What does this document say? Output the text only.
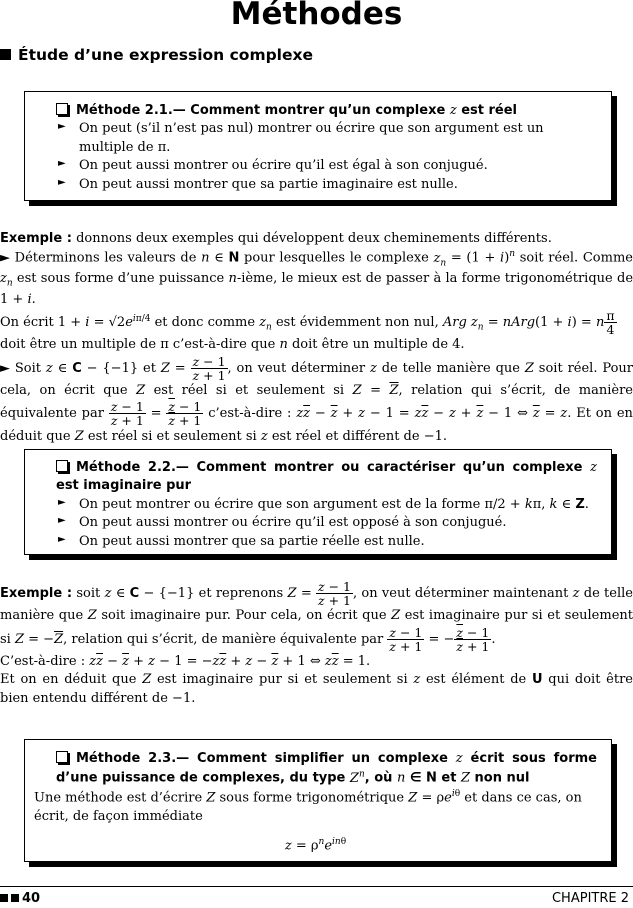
Méthodes
Étude d’une expression complexe
Méthode 2.1.— Comment montrer qu’un complexe z est réel
► On peut (s’il n’est pas nul) montrer ou écrire que son argument est un multiple de π.
► On peut aussi montrer ou écrire qu’il est égal à son conjugué.
► On peut aussi montrer que sa partie imaginaire est nulle.
Exemple : donnons deux exemples qui développent deux cheminements différents.
► Déterminons les valeurs de n ∈ N pour lesquelles le complexe $z_n = (1 + i)^n$ soit réel. Comme $z_n$ est sous forme d’une puissance n-ième, le mieux est de passer à la forme trigonométrique de 1 + i.
On écrit $1 + i = √2e^{i\pi/4}$ et donc comme $z_n$ est évidemment non nul, Arg $z_n$ = nArg(1 + i) = n $\frac{\pi}{4}$
doit être un multiple de π c’est-à-dire que n doit être un multiple de 4.
► Soit z ∈ C − {−1} et $Z = \frac{z - 1}{z + 1}$ , on veut déterminer z de telle manière que Z soit réel. Pour cela, on écrit que Z est réel si et seulement si $Z = \overline{Z}$, relation qui s’écrit, de manière équivalente par $\frac{z - 1}{z + 1} = \frac{\overline{z} - 1}{\overline{z} + 1}$ c’est-à-dire : $z\overline{z} - \overline{z} + z - 1 = z\overline{z} - z + \overline{z} - 1$ ⇔ $\overline{z} = z$. Et on en déduit que Z est réel si et seulement si z est réel et différent de −1.
Méthode 2.2.— Comment montrer ou caractériser qu’un complexe z est imaginaire pur
► On peut montrer ou écrire que son argument est de la forme π/2 + kπ, k ∈ Z.
► On peut aussi montrer ou écrire qu’il est opposé à son conjugué.
► On peut aussi montrer que sa partie réelle est nulle.
Exemple : soit z ∈ C − {−1} et reprenons $Z = \frac{z - 1}{z + 1}$ , on veut déterminer maintenant z de telle manière que Z soit imaginaire pur. Pour cela, on écrit que Z est imaginaire pur si et seulement si $Z = -\overline{Z}$, relation qui s’écrit, de manière équivalente par $\frac{z - 1}{z + 1}$ = − $\frac{\overline{z} - 1}{\overline{z} + 1}$ .
C’est-à-dire : $z\overline{z} - \overline{z} + z - 1 = -z\overline{z} + z - \overline{z} + 1$ ⇔ $z\overline{z} = 1$.
Et on en déduit que Z est imaginaire pur si et seulement si z est élément de U qui doit être bien entendu différent de −1.
Méthode 2.3.— Comment simplifier un complexe z écrit sous forme d’une puissance de complexes, du type $Z^n$, où n ∈ N et Z non nul
Une méthode est d’écrire Z sous forme trigonométrique $Z = \rho e^{i\theta}$ et dans ce cas, on écrit, de façon immédiate
$z = \rho^ne^{in\theta}$
40	CHAPITRE 2
